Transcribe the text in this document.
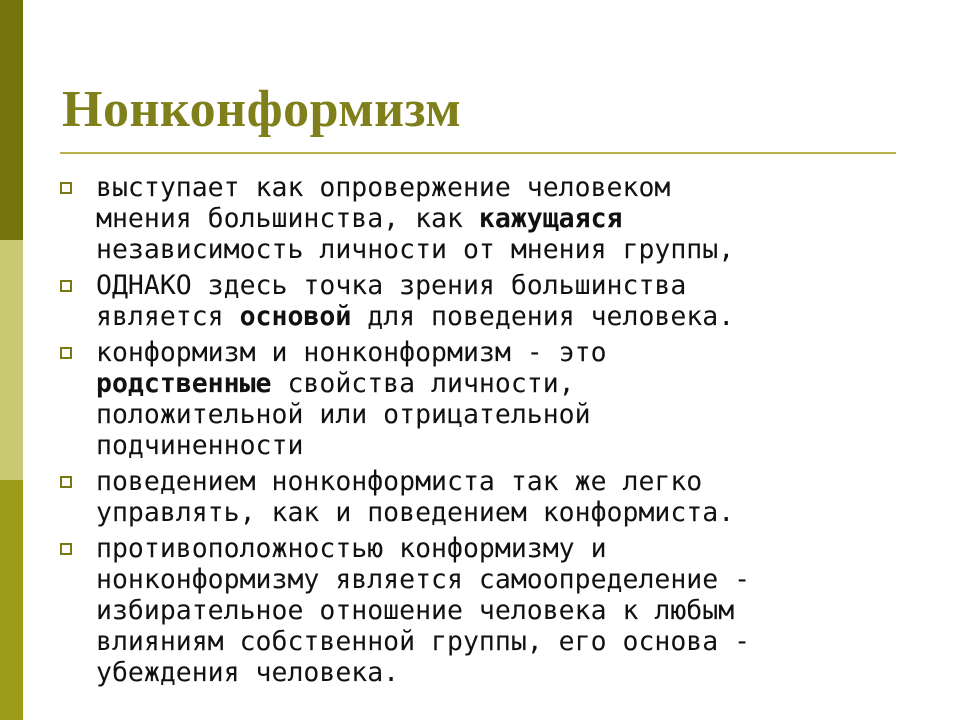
Нонконформизм
выступает как опровержение человеком
мнения большинства, как кажущаяся
независимость личности от мнения группы,
ОДНАКО здесь точка зрения большинства
является основой для поведения человека.
конформизм и нонконформизм - это
родственные свойства личности,
положительной или отрицательной
подчиненности
поведением нонконформиста так же легко
управлять, как и поведением конформиста.
противоположностью конформизму и
нонконформизму является самоопределение -
избирательное отношение человека к любым
влияниям собственной группы, его основа -
убеждения человека.
